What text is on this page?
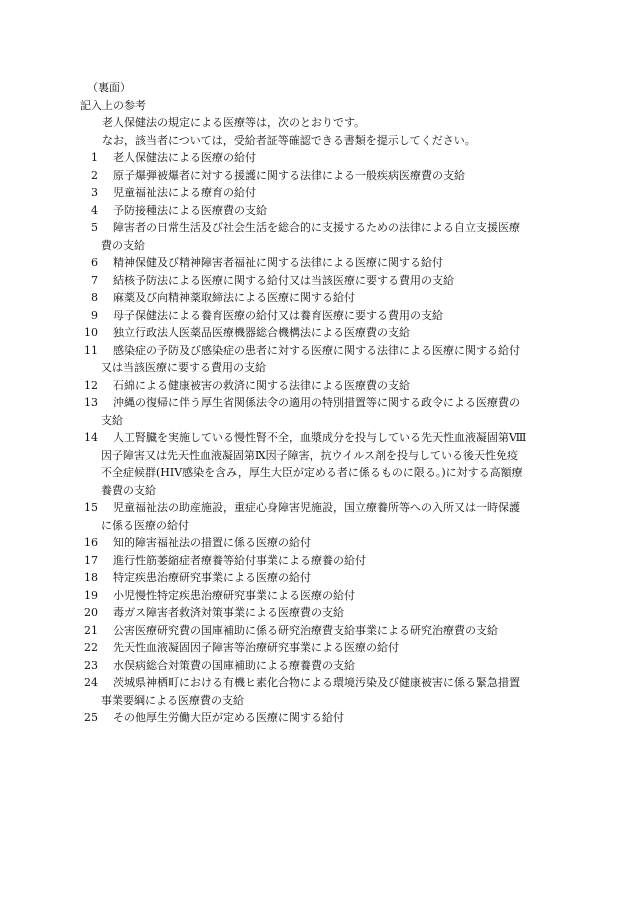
（裏面）
記入上の参考
老人保健法の規定による医療等は，次のとおりです。
なお，該当者については，受給者証等確認できる書類を提示してください。
1 老人保健法による医療の給付
2 原子爆弾被爆者に対する援護に関する法律による一般疾病医療費の支給
3 児童福祉法による療育の給付
4 予防接種法による医療費の支給
5 障害者の日常生活及び社会生活を総合的に支援するための法律による自立支援医療
費の支給
6 精神保健及び精神障害者福祉に関する法律による医療に関する給付
7 結核予防法による医療に関する給付又は当該医療に要する費用の支給
8 麻薬及び向精神薬取締法による医療に関する給付
9 母子保健法による養育医療の給付又は養育医療に要する費用の支給
10 独立行政法人医薬品医療機器総合機構法による医療費の支給
11 感染症の予防及び感染症の患者に対する医療に関する法律による医療に関する給付
又は当該医療に要する費用の支給
12 石綿による健康被害の救済に関する法律による医療費の支給
13 沖縄の復帰に伴う厚生省関係法令の適用の特別措置等に関する政令による医療費の
支給
14 人工腎臓を実施している慢性腎不全，血漿成分を投与している先天性血液凝固第Ⅷ
因子障害又は先天性血液凝固第Ⅸ因子障害，抗ウイルス剤を投与している後天性免疫
不全症候群(HIV感染を含み，厚生大臣が定める者に係るものに限る。)に対する高額療
養費の支給
15 児童福祉法の助産施設，重症心身障害児施設，国立療養所等への入所又は一時保護
に係る医療の給付
16 知的障害福祉法の措置に係る医療の給付
17 進行性筋萎縮症者療養等給付事業による療養の給付
18 特定疾患治療研究事業による医療の給付
19 小児慢性特定疾患治療研究事業による医療の給付
20 毒ガス障害者救済対策事業による医療費の支給
21 公害医療研究費の国庫補助に係る研究治療費支給事業による研究治療費の支給
22 先天性血液凝固因子障害等治療研究事業による医療の給付
23 水俣病総合対策費の国庫補助による療養費の支給
24 茨城県神栖町における有機ヒ素化合物による環境汚染及び健康被害に係る緊急措置
事業要綱による医療費の支給
25 その他厚生労働大臣が定める医療に関する給付
